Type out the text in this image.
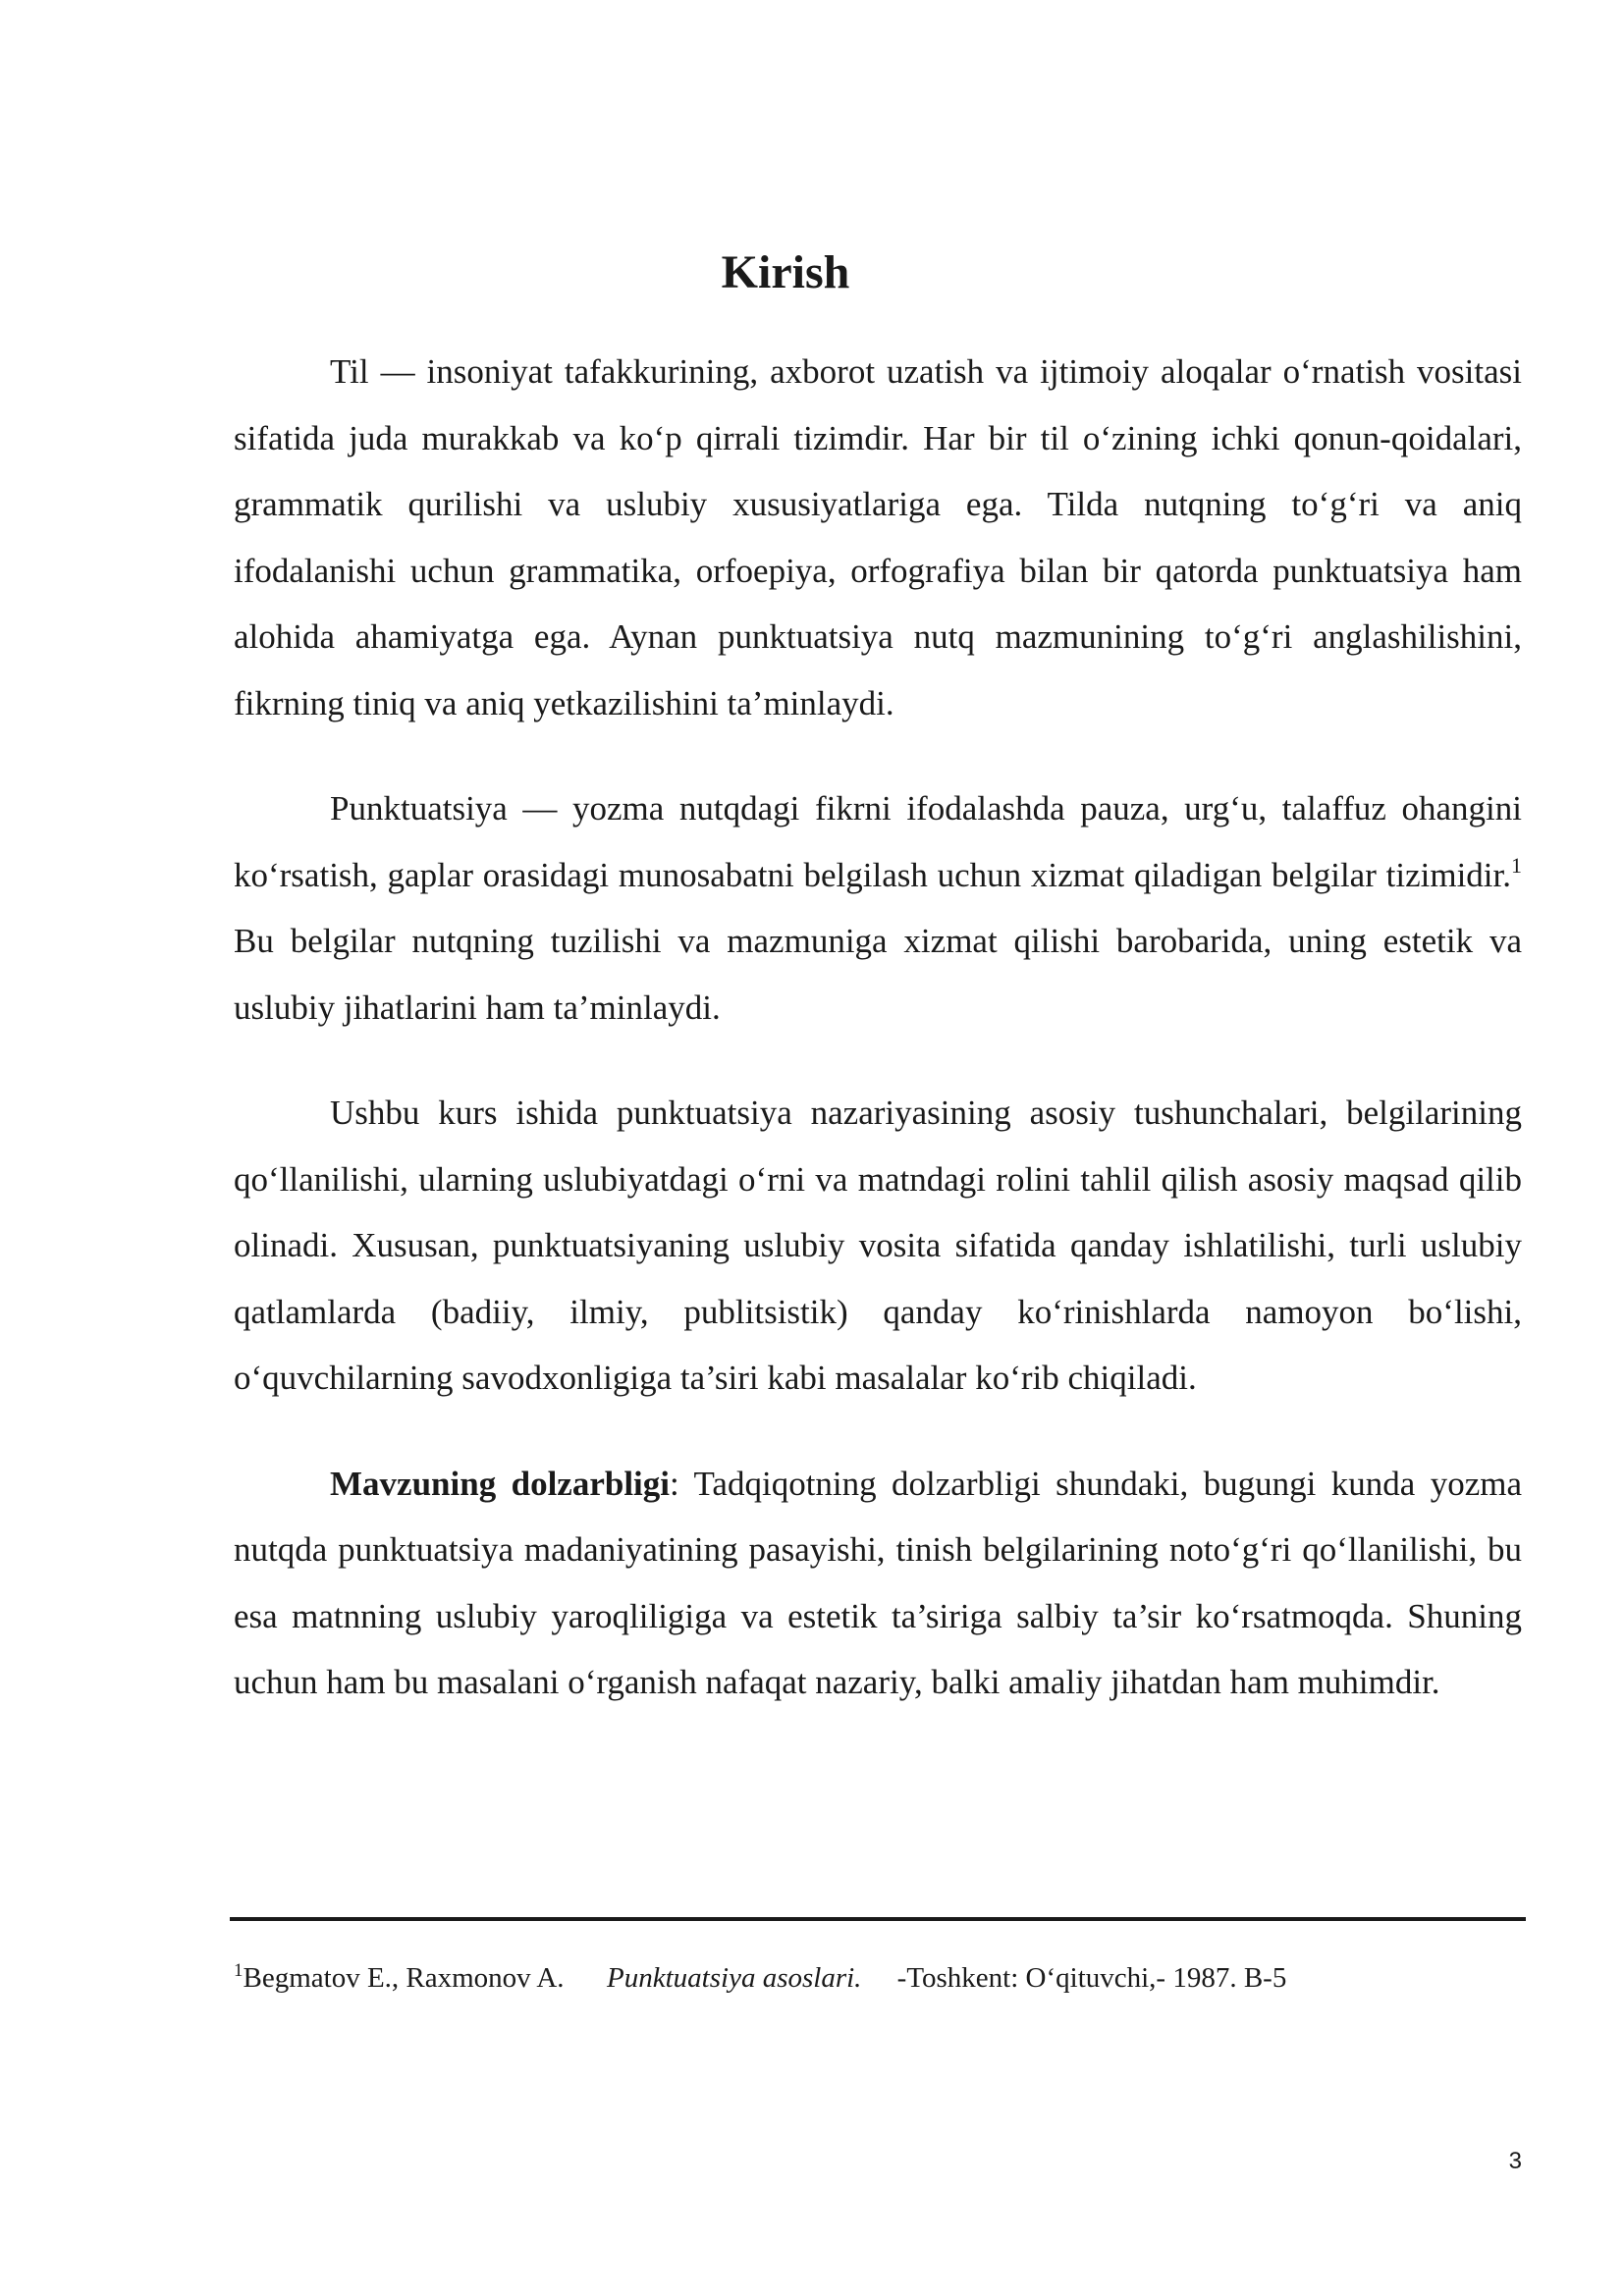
Kirish

Til — insoniyat tafakkurining, axborot uzatish va ijtimoiy aloqalar o‘rnatish vositasi sifatida juda murakkab va ko‘p qirrali tizimdir. Har bir til o‘zining ichki qonun-qoidalari, grammatik qurilishi va uslubiy xususiyatlariga ega. Tilda nutqning to‘g‘ri va aniq ifodalanishi uchun grammatika, orfoepiya, orfografiya bilan bir qatorda punktuatsiya ham alohida ahamiyatga ega. Aynan punktuatsiya nutq mazmunining to‘g‘ri anglashilishini, fikrning tiniq va aniq yetkazilishini ta’minlaydi.

Punktuatsiya — yozma nutqdagi fikrni ifodalashda pauza, urg‘u, talaffuz ohangini ko‘rsatish, gaplar orasidagi munosabatni belgilash uchun xizmat qiladigan belgilar tizimidir.$^1$ Bu belgilar nutqning tuzilishi va mazmuniga xizmat qilishi barobarida, uning estetik va uslubiy jihatlarini ham ta’minlaydi.

Ushbu kurs ishida punktuatsiya nazariyasining asosiy tushunchalari, belgilarining qo‘llanilishi, ularning uslubiyatdagi o‘rni va matndagi rolini tahlil qilish asosiy maqsad qilib olinadi. Xususan, punktuatsiyaning uslubiy vosita sifatida qanday ishlatilishi, turli uslubiy qatlamlarda (badiiy, ilmiy, publitsistik) qanday ko‘rinishlarda namoyon bo‘lishi, o‘quvchilarning savodxonligiga ta’siri kabi masalalar ko‘rib chiqiladi.

Mavzuning dolzarbligi: Tadqiqotning dolzarbligi shundaki, bugungi kunda yozma nutqda punktuatsiya madaniyatining pasayishi, tinish belgilarining noto‘g‘ri qo‘llanilishi, bu esa matnning uslubiy yaroqliligiga va estetik ta’siriga salbiy ta’sir ko‘rsatmoqda. Shuning uchun ham bu masalani o‘rganish nafaqat nazariy, balki amaliy jihatdan ham muhimdir.

$^1$Begmatov E., Raxmonov A. Punktuatsiya asoslari. -Toshkent: O‘qituvchi,- 1987. B-5
3
